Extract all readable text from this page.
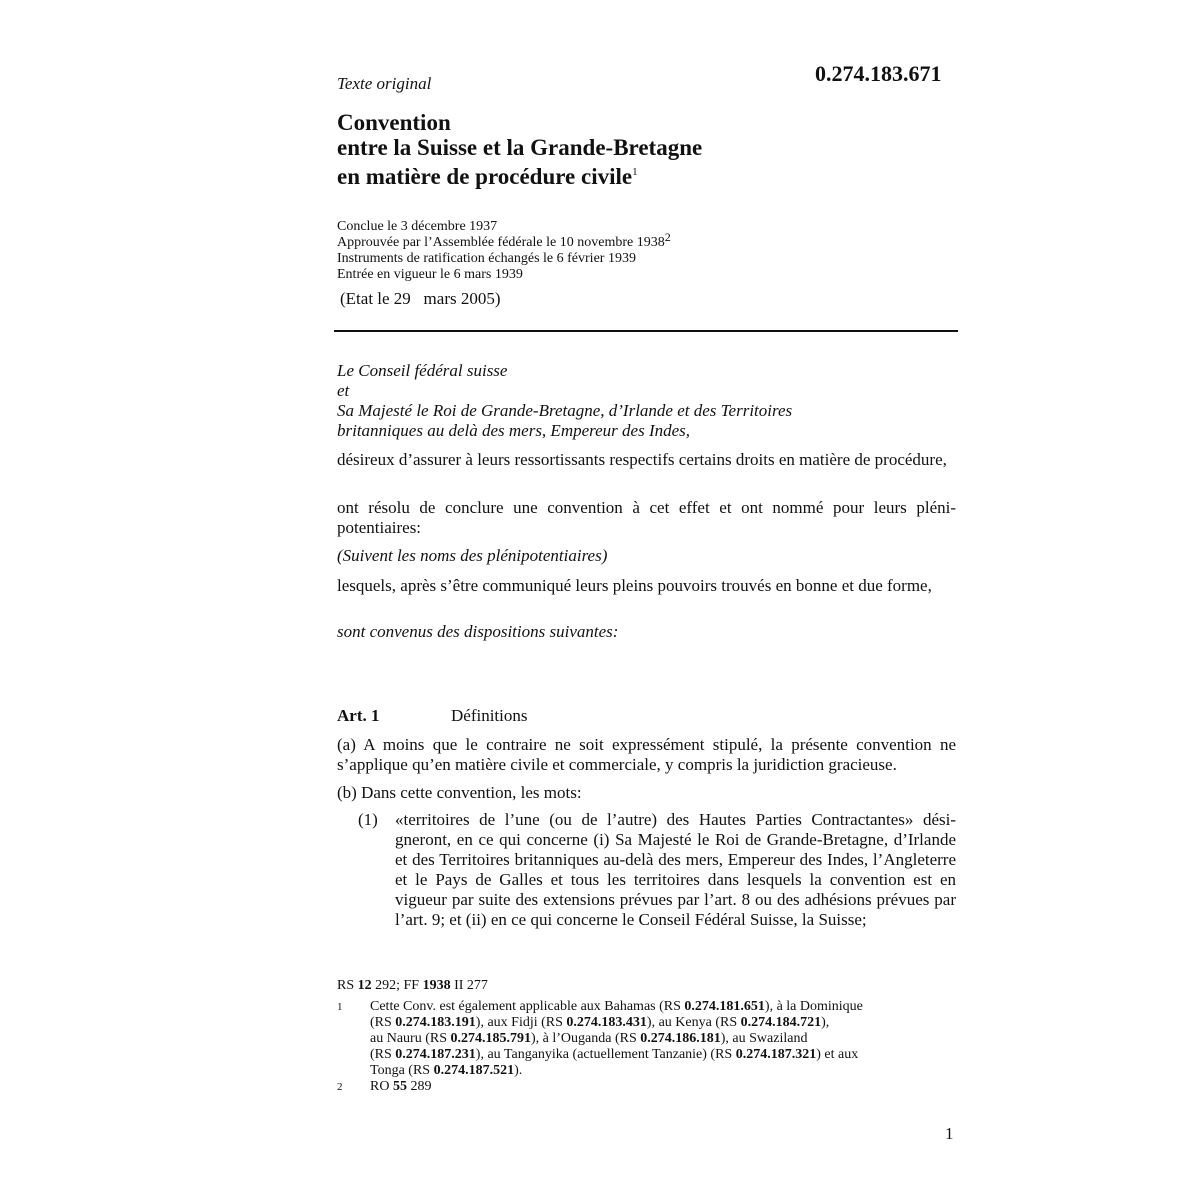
Texte original	0.274.183.671
Convention
entre la Suisse et la Grande-Bretagne
en matière de procédure civile$^1$
Conclue le 3 décembre 1937
Approuvée par l’Assemblée fédérale le 10 novembre 1938$^2$
Instruments de ratification échangés le 6 février 1939
Entrée en vigueur le 6 mars 1939
(Etat le 29   mars 2005)
Le Conseil fédéral suisse
et
Sa Majesté le Roi de Grande-Bretagne, d’Irlande et des Territoires
britanniques au delà des mers, Empereur des Indes,
désireux d’assurer à leurs ressortissants respectifs certains droits en matière de procédure,
ont résolu de conclure une convention à cet effet et ont nommé pour leurs pléni-potentiaires:
(Suivent les noms des plénipotentiaires)
lesquels, après s’être communiqué leurs pleins pouvoirs trouvés en bonne et due forme,
sont convenus des dispositions suivantes:
Art. 1	Définitions
(a) A moins que le contraire ne soit expressément stipulé, la présente convention ne s’applique qu’en matière civile et commerciale, y compris la juridiction gracieuse.
(b) Dans cette convention, les mots:
(1) «territoires de l’une (ou de l’autre) des Hautes Parties Contractantes» dési-gneront, en ce qui concerne (i) Sa Majesté le Roi de Grande-Bretagne, d’Irlande et des Territoires britanniques au-delà des mers, Empereur des Indes, l’Angleterre et le Pays de Galles et tous les territoires dans lesquels la convention est en vigueur par suite des extensions prévues par l’art. 8 ou des adhésions prévues par l’art. 9; et (ii) en ce qui concerne le Conseil Fédéral Suisse, la Suisse;
RS 12 292; FF 1938 II 277
1 Cette Conv. est également applicable aux Bahamas (RS 0.274.181.651), à la Dominique
(RS 0.274.183.191), aux Fidji (RS 0.274.183.431), au Kenya (RS 0.274.184.721),
au Nauru (RS 0.274.185.791), à l’Ouganda (RS 0.274.186.181), au Swaziland
(RS 0.274.187.231), au Tanganyika (actuellement Tanzanie) (RS 0.274.187.321) et aux
Tonga (RS 0.274.187.521).
2 RO 55 289
1
